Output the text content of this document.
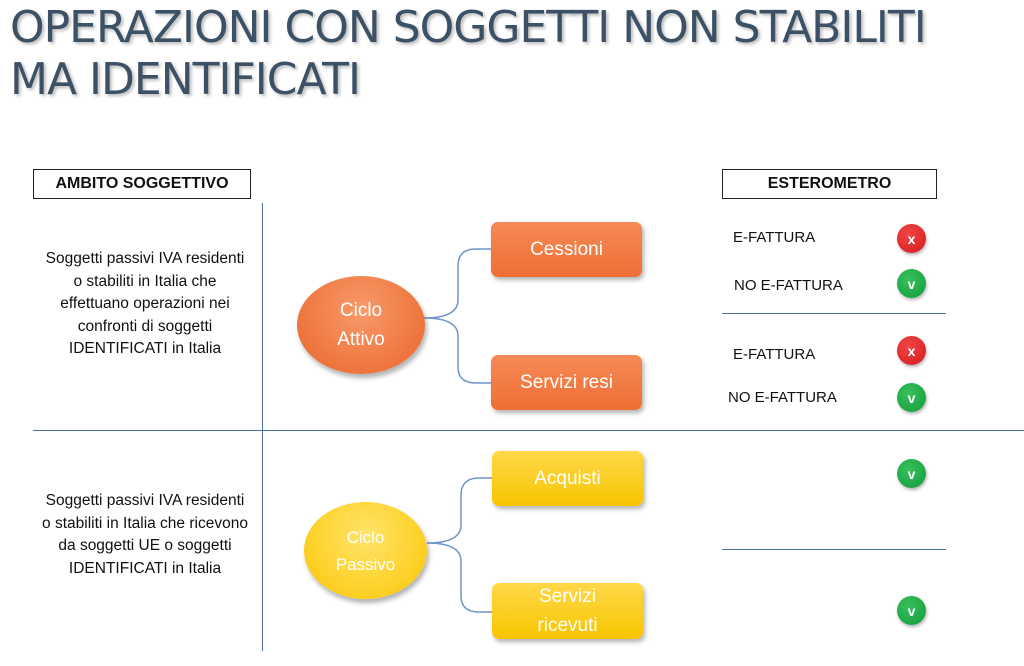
OPERAZIONI CON SOGGETTI NON STABILITI
MA IDENTIFICATI
AMBITO SOGGETTIVO	ESTEROMETRO
Soggetti passivi IVA residenti o stabiliti in Italia che effettuano operazioni nei confronti di soggetti IDENTIFICATI in Italia
Ciclo
Attivo
Cessioni
Servizi resi
E-FATTURA	x
NO E-FATTURA	v
E-FATTURA	x
NO E-FATTURA	v
Soggetti passivi IVA residenti o stabiliti in Italia che ricevono da soggetti UE o soggetti IDENTIFICATI in Italia
Ciclo
Passivo
Acquisti
Servizi
ricevuti
v
v
